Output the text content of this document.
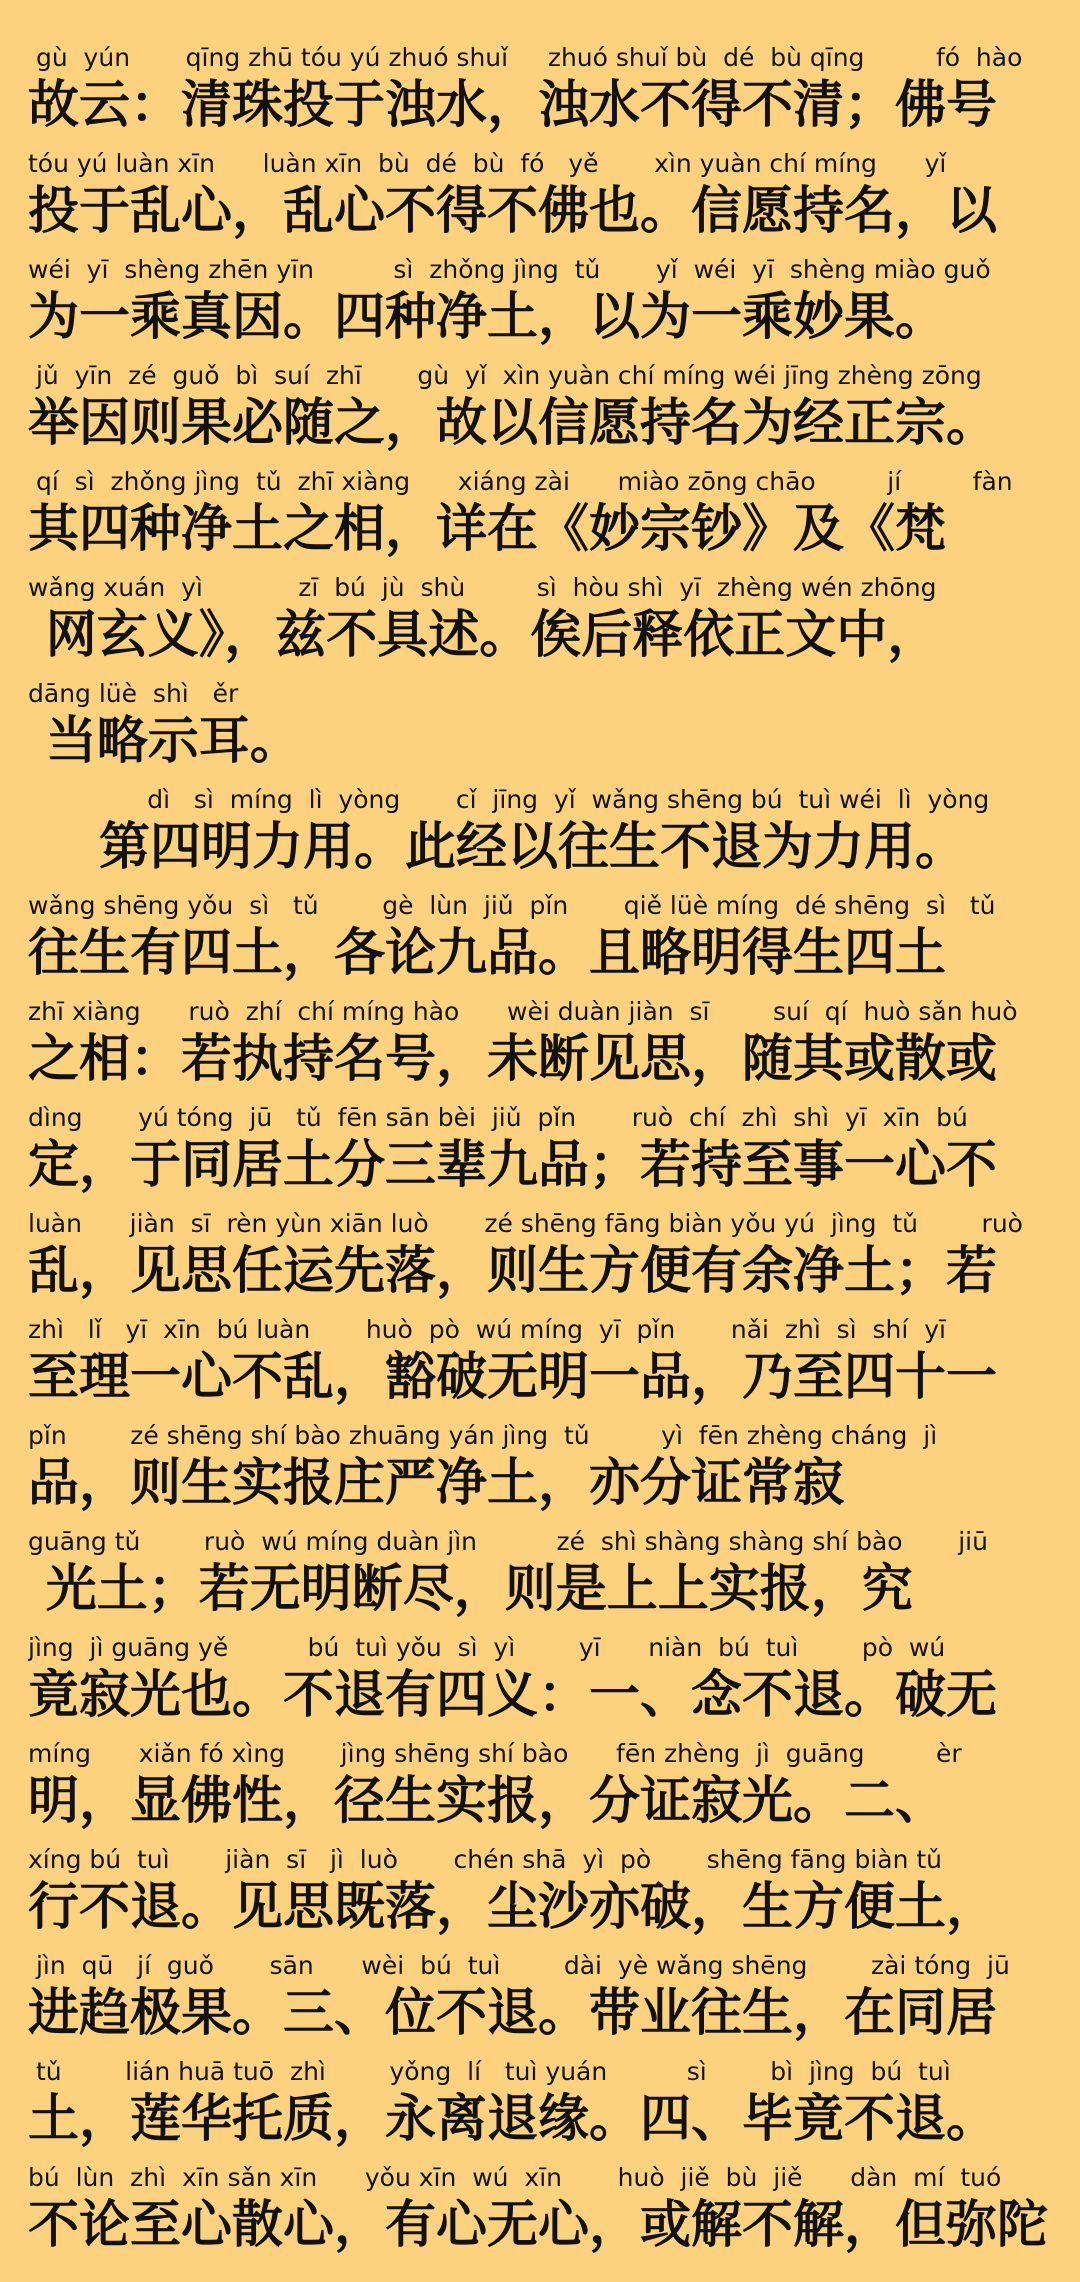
gù  yún       qīng zhū tóu yú zhuó shuǐ     zhuó shuǐ bù  dé  bù qīng         fó  hào
故云：清珠投于浊水，浊水不得不清；佛号
tóu yú luàn xīn      luàn xīn  bù  dé  bù  fó   yě       xìn yuàn chí míng      yǐ
投于乱心，乱心不得不佛也。信愿持名，以
wéi  yī  shèng zhēn yīn          sì  zhǒng jìng  tǔ       yǐ  wéi  yī  shèng miào guǒ
为一乘真因。四种净土，以为一乘妙果。
jǔ  yīn  zé  guǒ  bì  suí  zhī       gù  yǐ  xìn yuàn chí míng wéi jīng zhèng zōng
举因则果必随之，故以信愿持名为经正宗。
qí  sì  zhǒng jìng  tǔ  zhī xiàng      xiáng zài      miào zōng chāo         jí         fàn
其四种净土之相，详在《妙宗钞》及《梵
wǎng xuán  yì            zī  bú  jù  shù         sì  hòu shì  yī  zhèng wén zhōng
网玄义》，兹不具述。俟后释依正文中，
dāng lüè  shì   ěr
当略示耳。
dì   sì  míng  lì  yòng       cǐ  jīng  yǐ  wǎng shēng bú  tuì wéi  lì  yòng
第四明力用。此经以往生不退为力用。
wǎng shēng yǒu  sì   tǔ        gè  lùn  jiǔ  pǐn       qiě lüè míng  dé shēng  sì   tǔ
往生有四土，各论九品。且略明得生四土
zhī xiàng      ruò  zhí  chí míng hào      wèi duàn jiàn  sī        suí  qí  huò sǎn huò
之相：若执持名号，未断见思，随其或散或
dìng       yú tóng  jū   tǔ  fēn sān bèi  jiǔ  pǐn       ruò  chí  zhì  shì  yī  xīn  bú
定，于同居土分三辈九品；若持至事一心不
luàn      jiàn  sī  rèn yùn xiān luò       zé shēng fāng biàn yǒu yú  jìng  tǔ        ruò
乱，见思任运先落，则生方便有余净土；若
zhì   lǐ   yī  xīn  bú luàn       huò  pò  wú míng  yī  pǐn       nǎi  zhì  sì  shí  yī
至理一心不乱，豁破无明一品，乃至四十一
pǐn        zé shēng shí bào zhuāng yán jìng  tǔ         yì  fēn zhèng cháng  jì
品，则生实报庄严净土，亦分证常寂
guāng tǔ        ruò  wú míng duàn jìn          zé  shì shàng shàng shí bào       jiū
光土；若无明断尽，则是上上实报，究
jìng  jì guāng yě          bú  tuì yǒu  sì  yì        yī      niàn  bú  tuì        pò  wú
竟寂光也。不退有四义：一、念不退。破无
míng      xiǎn fó xìng       jìng shēng shí bào      fēn zhèng  jì  guāng         èr
明，显佛性，径生实报，分证寂光。二、
xíng bú  tuì       jiàn  sī   jì  luò       chén shā  yì  pò       shēng fāng biàn tǔ
行不退。见思既落，尘沙亦破，生方便土，
jìn  qū   jí  guǒ       sān      wèi  bú  tuì        dài  yè wǎng shēng        zài tóng  jū
进趋极果。三、位不退。带业往生，在同居
tǔ        lián huā tuō  zhì        yǒng  lí   tuì yuán          sì        bì  jìng  bú  tuì
土，莲华托质，永离退缘。四、毕竟不退。
bú  lùn  zhì  xīn sǎn xīn      yǒu xīn  wú  xīn       huò  jiě  bù  jiě      dàn  mí  tuó
不论至心散心，有心无心，或解不解，但弥陀
